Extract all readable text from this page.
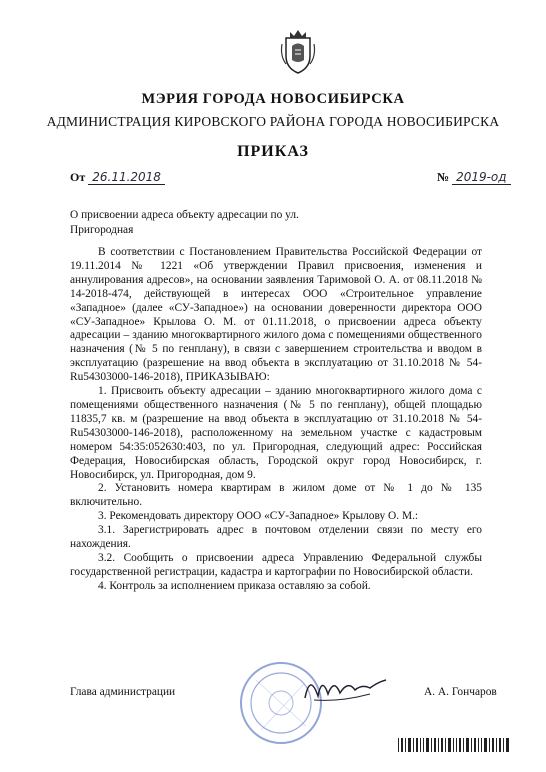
МЭРИЯ ГОРОДА НОВОСИБИРСКА
АДМИНИСТРАЦИЯ КИРОВСКОГО РАЙОНА ГОРОДА НОВОСИБИРСКА
ПРИКАЗ
От 26.11.2018	№ 2019-од
О присвоении адреса объекту адресации по ул. Пригородная

В соответствии с Постановлением Правительства Российской Федерации от 19.11.2014 № 1221 «Об утверждении Правил присвоения, изменения и аннулирования адресов», на основании заявления Таримовой О. А. от 08.11.2018 № 14-2018-474, действующей в интересах ООО «Строительное управление «Западное» (далее «СУ-Западное») на основании доверенности директора ООО «СУ-Западное» Крылова О. М. от 01.11.2018, о присвоении адреса объекту адресации – зданию многоквартирного жилого дома с помещениями общественного назначения (№ 5 по генплану), в связи с завершением строительства и вводом в эксплуатацию (разрешение на ввод объекта в эксплуатацию от 31.10.2018 № 54-Ru54303000-146-2018), ПРИКАЗЫВАЮ:

1. Присвоить объекту адресации – зданию многоквартирного жилого дома с помещениями общественного назначения (№ 5 по генплану), общей площадью 11835,7 кв. м (разрешение на ввод объекта в эксплуатацию от 31.10.2018 № 54-Ru54303000-146-2018), расположенному на земельном участке с кадастровым номером 54:35:052630:403, по ул. Пригородная, следующий адрес: Российская Федерация, Новосибирская область, Городской округ город Новосибирск, г. Новосибирск, ул. Пригородная, дом 9.

2. Установить номера квартирам в жилом доме от № 1 до № 135 включительно.

3. Рекомендовать директору ООО «СУ-Западное» Крылову О. М.:

3.1. Зарегистрировать адрес в почтовом отделении связи по месту его нахождения.

3.2. Сообщить о присвоении адреса Управлению Федеральной службы государственной регистрации, кадастра и картографии по Новосибирской области.

4. Контроль за исполнением приказа оставляю за собой.

Глава администрации	А. А. Гончаров
